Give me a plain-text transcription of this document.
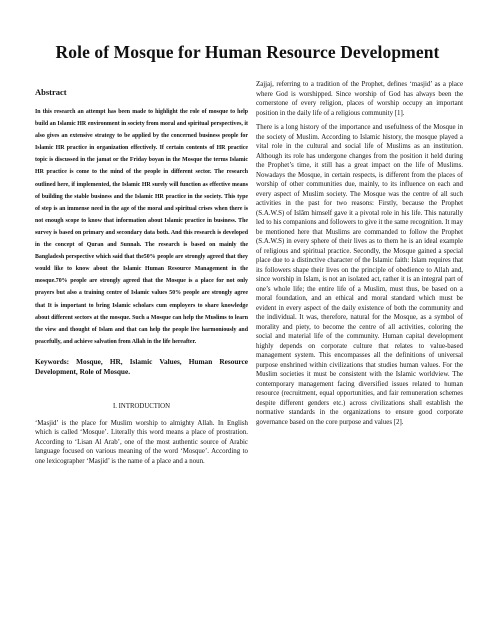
Role of Mosque for Human Resource Development
Abstract

In this research an attempt has been made to highlight the role of mosque to help build an Islamic HR environment in society from moral and spiritual perspectives, it also gives an extensive strategy to be applied by the concerned business people for Islamic HR practice in organization effectively. If certain contents of HR practice topic is discussed in the jamat or the Friday boyan in the Mosque the terms Islamic HR practice is come to the mind of the people in different sector. The research outlined here, if implemented, the Islamic HR surely will function as effective means of building the stable business and the Islamic HR practice in the society. This type of step is an immense need in the age of the moral and spiritual crises when there is not enough scope to know that information about Islamic practice in business. The survey is based on primary and secondary data both. And this research is developed in the concept of Quran and Sunnah. The research is based on mainly the Bangladesh perspective which said that the50% people are strongly agreed that they would like to know about the Islamic Human Resource Management in the mosque.70% people are strongly agreed that the Mosque is a place for not only prayers but also a training centre of Islamic values 50% people are strongly agree that It is important to bring Islamic scholars cum employers to share knowledge about different sectors at the mosque. Such a Mosque can help the Muslims to learn the view and thought of Islam and that can help the people live harmoniously and peacefully, and achieve salvation from Allah in the life hereafter.

Keywords: Mosque, HR, Islamic Values, Human Resource Development, Role of Mosque.

I. INTRODUCTION

‘Masjid’ is the place for Muslim worship to almighty Allah. In English which is called ‘Mosque’. Literally this word means a place of prostration. According to ‘Lisan Al Arab’, one of the most authentic source of Arabic language focused on various meaning of the word ‘Mosque’. According to one lexicographer ‘Masjid’ is the name of a place and a noun.

Zajjaj, referring to a tradition of the Prophet, defines ‘masjid’ as a place where God is worshipped. Since worship of God has always been the cornerstone of every religion, places of worship occupy an important position in the daily life of a religious community [1].

There is a long history of the importance and usefulness of the Mosque in the society of Muslim. According to Islamic history, the mosque played a vital role in the cultural and social life of Muslims as an institution. Although its role has undergone changes from the position it held during the Prophet’s time, it still has a great impact on the life of Muslims. Nowadays the Mosque, in certain respects, is different from the places of worship of other communities due, mainly, to its influence on each and every aspect of Muslim society. The Mosque was the centre of all such activities in the past for two reasons: Firstly, because the Prophet (S.A.W.S) of Islām himself gave it a pivotal role in his life. This naturally led to his companions and followers to give it the same recognition. It may be mentioned here that Muslims are commanded to follow the Prophet (S.A.W.S) in every sphere of their lives as to them he is an ideal example of religious and spiritual practice. Secondly, the Mosque gained a special place due to a distinctive character of the Islamic faith: Islam requires that its followers shape their lives on the principle of obedience to Allah and, since worship in Islam, is not an isolated act, rather it is an integral part of one’s whole life; the entire life of a Muslim, must thus, be based on a moral foundation, and an ethical and moral standard which must be evident in every aspect of the daily existence of both the community and the individual. It was, therefore, natural for the Mosque, as a symbol of morality and piety, to become the centre of all activities, coloring the social and material life of the community. Human capital development highly depends on corporate culture that relates to value-based management system. This encompasses all the definitions of universal purpose enshrined within civilizations that studies human values. For the Muslim societies it must be consistent with the Islamic worldview. The contemporary management facing diversified issues related to human resource (recruitment, equal opportunities, and fair remuneration schemes despite different genders etc.) across civilizations shall establish the normative standards in the organizations to ensure good corporate governance based on the core purpose and values [2].
